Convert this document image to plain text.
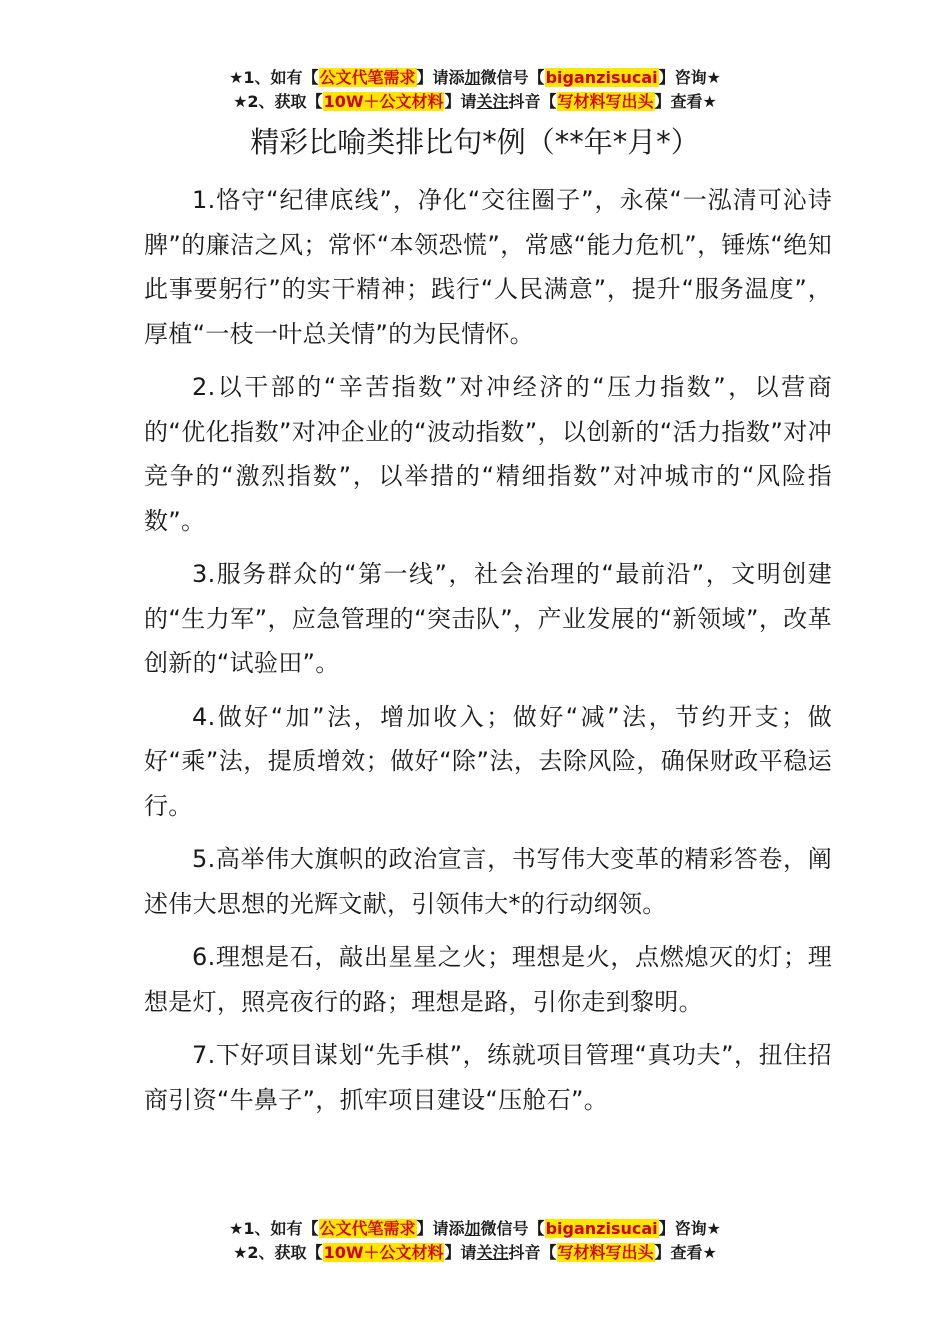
★1、如有【公文代笔需求】请添加微信号【biganzisucai】咨询★
★2、获取【10W＋公文材料】请关注抖音【写材料写出头】查看★
精彩比喻类排比句*例（**年*月*）

1.恪守“纪律底线”，净化“交往圈子”，永葆“一泓清可沁诗脾”的廉洁之风；常怀“本领恐慌”，常感“能力危机”，锤炼“绝知此事要躬行”的实干精神；践行“人民满意”，提升“服务温度”，厚植“一枝一叶总关情”的为民情怀。

2.以干部的“辛苦指数”对冲经济的“压力指数”，以营商的“优化指数”对冲企业的“波动指数”，以创新的“活力指数”对冲竞争的“激烈指数”，以举措的“精细指数”对冲城市的“风险指数”。

3.服务群众的“第一线”，社会治理的“最前沿”，文明创建的“生力军”，应急管理的“突击队”，产业发展的“新领域”，改革创新的“试验田”。

4.做好“加”法，增加收入；做好“减”法，节约开支；做好“乘”法，提质增效；做好“除”法，去除风险，确保财政平稳运行。

5.高举伟大旗帜的政治宣言，书写伟大变革的精彩答卷，阐述伟大思想的光辉文献，引领伟大*的行动纲领。

6.理想是石，敲出星星之火；理想是火，点燃熄灭的灯；理想是灯，照亮夜行的路；理想是路，引你走到黎明。

7.下好项目谋划“先手棋”，练就项目管理“真功夫”，扭住招商引资“牛鼻子”，抓牢项目建设“压舱石”。

★1、如有【公文代笔需求】请添加微信号【biganzisucai】咨询★
★2、获取【10W＋公文材料】请关注抖音【写材料写出头】查看★
